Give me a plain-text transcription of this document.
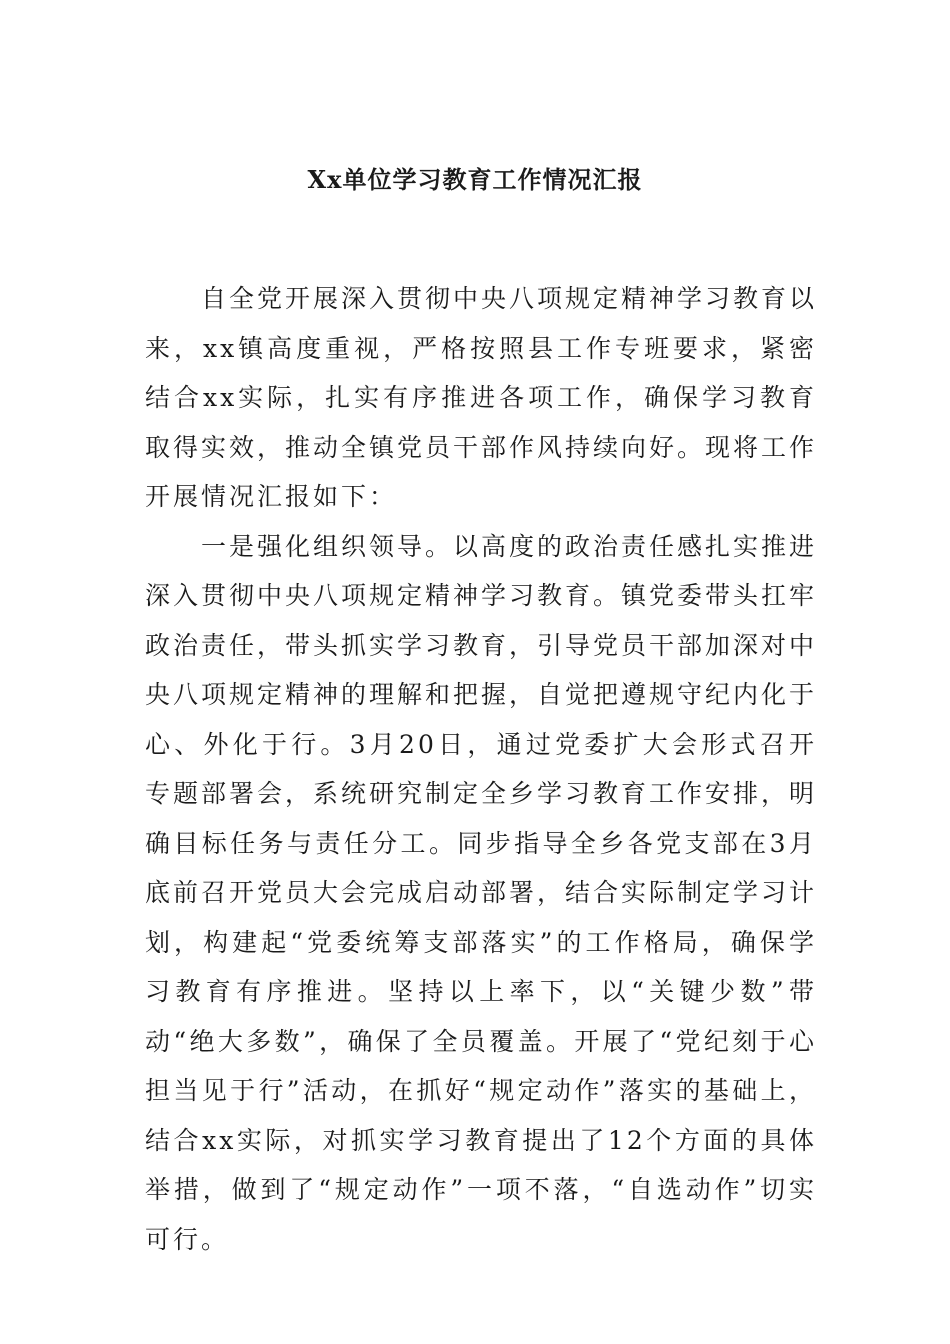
Xx单位学习教育工作情况汇报

自全党开展深入贯彻中央八项规定精神学习教育以来，xx镇高度重视，严格按照县工作专班要求，紧密结合xx实际，扎实有序推进各项工作，确保学习教育取得实效，推动全镇党员干部作风持续向好。现将工作开展情况汇报如下：

一是强化组织领导。以高度的政治责任感扎实推进深入贯彻中央八项规定精神学习教育。镇党委带头扛牢政治责任，带头抓实学习教育，引导党员干部加深对中央八项规定精神的理解和把握，自觉把遵规守纪内化于心、外化于行。3月20日，通过党委扩大会形式召开专题部署会，系统研究制定全乡学习教育工作安排，明确目标任务与责任分工。同步指导全乡各党支部在3月底前召开党员大会完成启动部署，结合实际制定学习计划，构建起“党委统筹支部落实”的工作格局，确保学习教育有序推进。坚持以上率下，以“关键少数”带动“绝大多数”，确保了全员覆盖。开展了“党纪刻于心担当见于行”活动，在抓好“规定动作”落实的基础上，结合xx实际，对抓实学习教育提出了12个方面的具体举措，做到了“规定动作”一项不落，“自选动作”切实可行。
